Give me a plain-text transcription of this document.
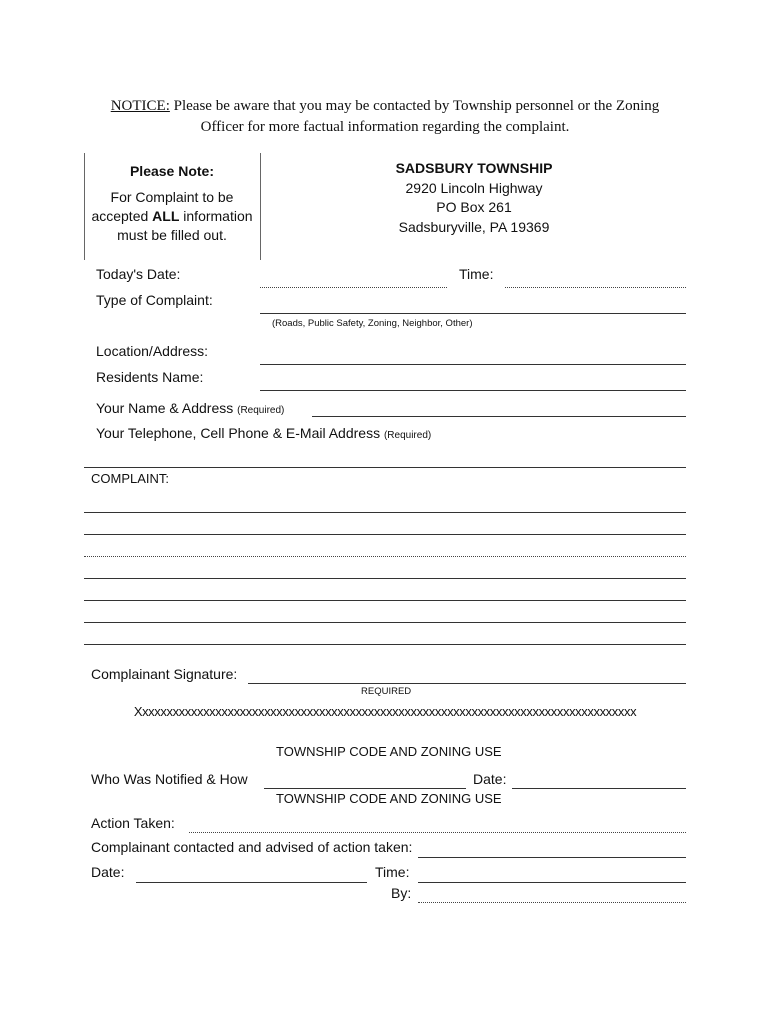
NOTICE: Please be aware that you may be contacted by Township personnel or the Zoning
Officer for more factual information regarding the complaint.
Please Note:
For Complaint to be
accepted ALL information
must be filled out.
SADSBURY TOWNSHIP
2920 Lincoln Highway
PO Box 261
Sadsburyville, PA 19369
Today's Date:	Time:
Type of Complaint:
(Roads, Public Safety, Zoning, Neighbor, Other)
Location/Address:
Residents Name:
Your Name & Address (Required)
Your Telephone, Cell Phone & E-Mail Address (Required)
COMPLAINT:
Complainant Signature:
REQUIRED
Xxxxxxxxxxxxxxxxxxxxxxxxxxxxxxxxxxxxxxxxxxxxxxxxxxxxxxxxxxxxxxxxxxxxxxxxxxxxxxxxxx
TOWNSHIP CODE AND ZONING USE
Who Was Notified & How	Date:
TOWNSHIP CODE AND ZONING USE
Action Taken:
Complainant contacted and advised of action taken:
Date:	Time:
By:
